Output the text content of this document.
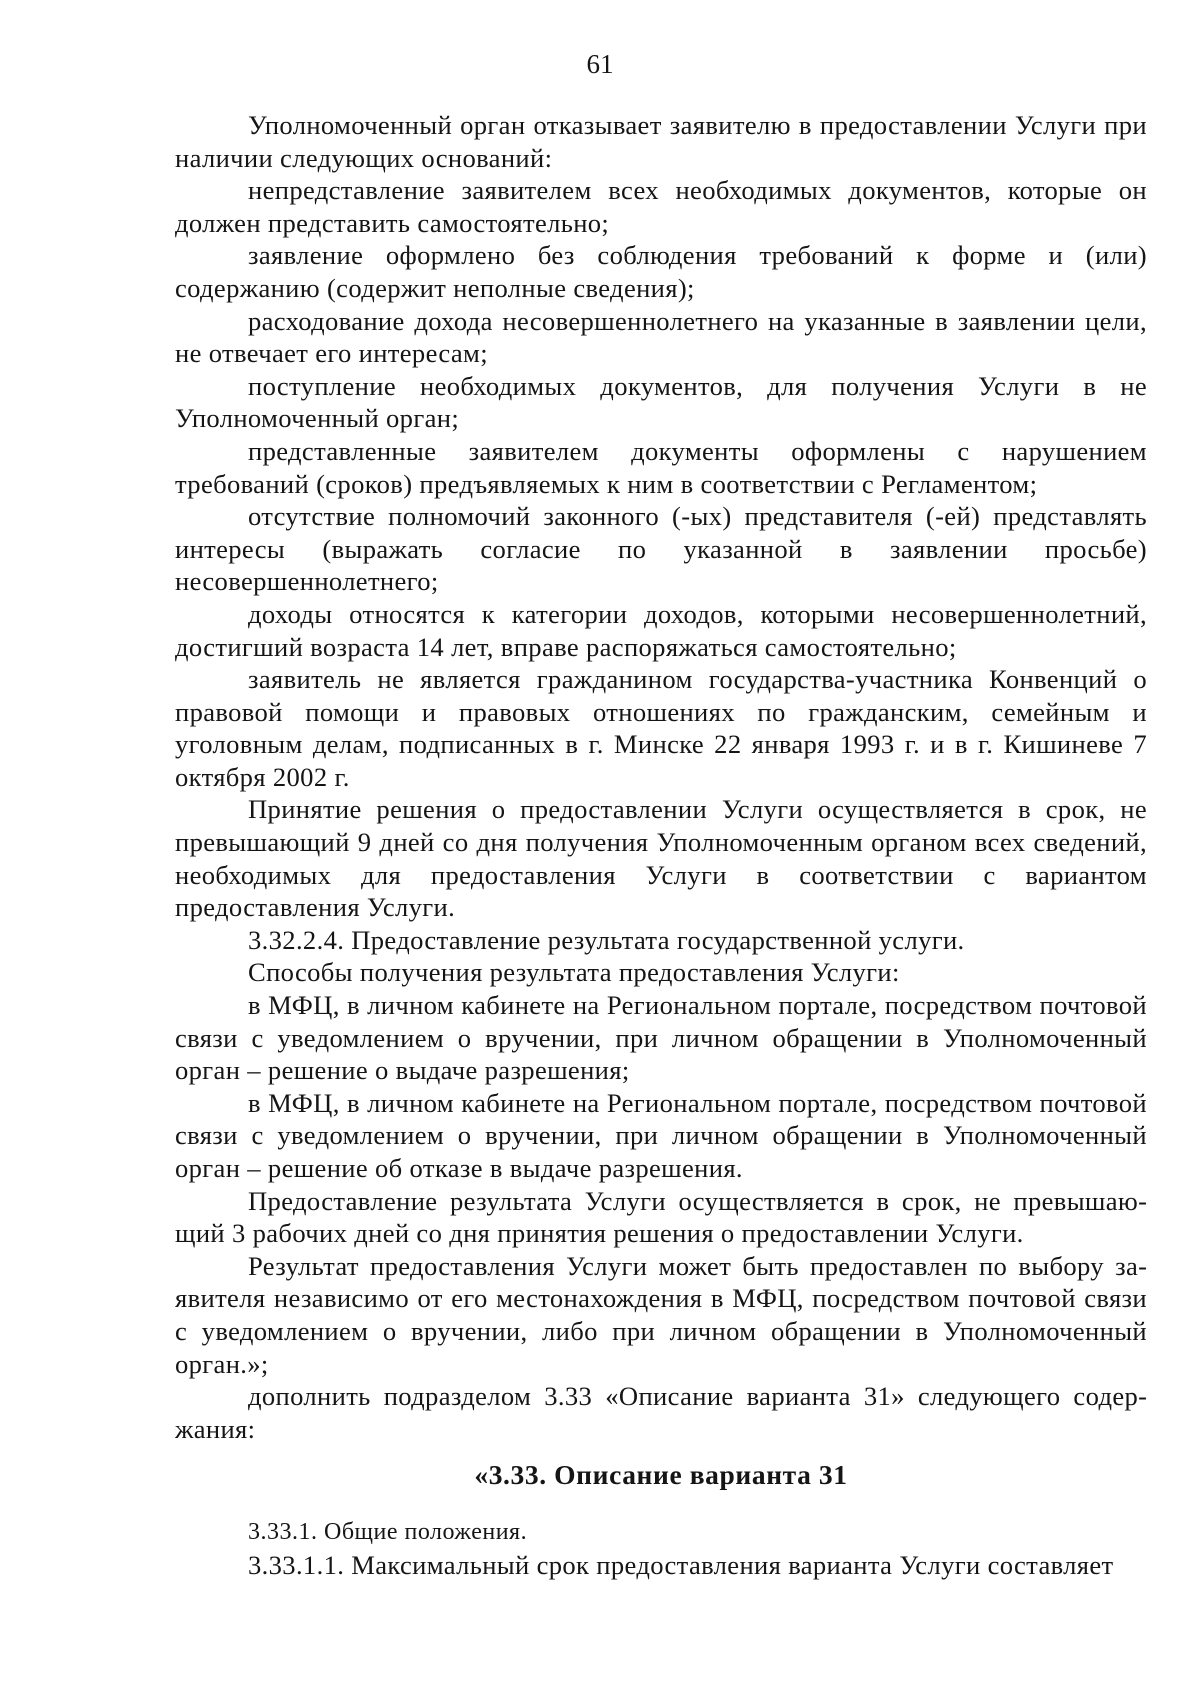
61

Уполномоченный орган отказывает заявителю в предоставлении Услуги при наличии следующих оснований:

непредставление заявителем всех необходимых документов, которые он должен представить самостоятельно;

заявление оформлено без соблюдения требований к форме и (или) содержанию (содержит неполные сведения);

расходование дохода несовершеннолетнего на указанные в заявлении цели, не отвечает его интересам;

поступление необходимых документов, для получения Услуги в не Уполномоченный орган;

представленные заявителем документы оформлены с нарушением требований (сроков) предъявляемых к ним в соответствии с Регламентом;

отсутствие полномочий законного (-ых) представителя (-ей) представлять интересы (выражать согласие по указанной в заявлении просьбе) несовершеннолетнего;

доходы относятся к категории доходов, которыми несовершеннолетний, достигший возраста 14 лет, вправе распоряжаться самостоятельно;

заявитель не является гражданином государства-участника Конвенций о правовой помощи и правовых отношениях по гражданским, семейным и уголовным делам, подписанных в г. Минске 22 января 1993 г. и в г. Кишиневе 7 октября 2002 г.

Принятие решения о предоставлении Услуги осуществляется в срок, не превышающий 9 дней со дня получения Уполномоченным органом всех сведений, необходимых для предоставления Услуги в соответствии с вариантом предоставления Услуги.

3.32.2.4. Предоставление результата государственной услуги.

Способы получения результата предоставления Услуги:

в МФЦ, в личном кабинете на Региональном портале, посредством почтовой связи с уведомлением о вручении, при личном обращении в Уполномоченный орган – решение о выдаче разрешения;

в МФЦ, в личном кабинете на Региональном портале, посредством почтовой связи с уведомлением о вручении, при личном обращении в Уполномоченный орган – решение об отказе в выдаче разрешения.

Предоставление результата Услуги осуществляется в срок, не превышающий 3 рабочих дней со дня принятия решения о предоставлении Услуги.

Результат предоставления Услуги может быть предоставлен по выбору заявителя независимо от его местонахождения в МФЦ, посредством почтовой связи с уведомлением о вручении, либо при личном обращении в Уполномоченный орган.»;

дополнить подразделом 3.33 «Описание варианта 31» следующего содержания:

«3.33. Описание варианта 31

3.33.1. Общие положения.

3.33.1.1. Максимальный срок предоставления варианта Услуги составляет
